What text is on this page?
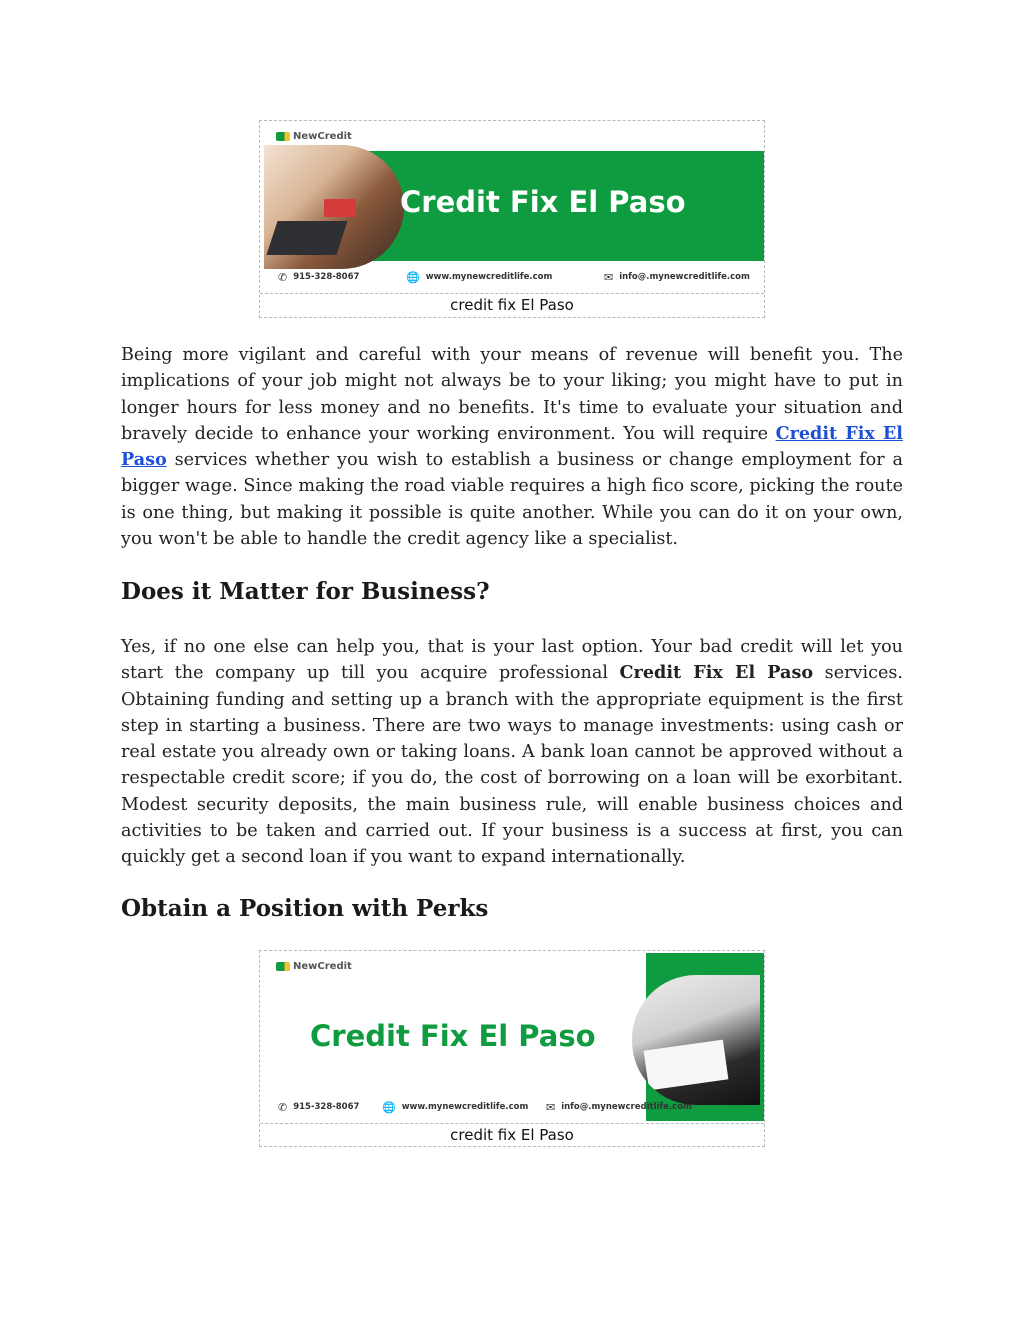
NewCredit
Credit Fix El Paso
✆ 915-328-8067	🌐 www.mynewcreditlife.com	✉ info@.mynewcreditlife.com
credit fix El Paso

Being more vigilant and careful with your means of revenue will benefit you. The implications of your job might not always be to your liking; you might have to put in longer hours for less money and no benefits. It's time to evaluate your situation and bravely decide to enhance your working environment. You will require Credit Fix El Paso services whether you wish to establish a business or change employment for a bigger wage. Since making the road viable requires a high fico score, picking the route is one thing, but making it possible is quite another. While you can do it on your own, you won't be able to handle the credit agency like a specialist.

Does it Matter for Business?

Yes, if no one else can help you, that is your last option. Your bad credit will let you start the company up till you acquire professional Credit Fix El Paso services. Obtaining funding and setting up a branch with the appropriate equipment is the first step in starting a business. There are two ways to manage investments: using cash or real estate you already own or taking loans. A bank loan cannot be approved without a respectable credit score; if you do, the cost of borrowing on a loan will be exorbitant. Modest security deposits, the main business rule, will enable business choices and activities to be taken and carried out. If your business is a success at first, you can quickly get a second loan if you want to expand internationally.

Obtain a Position with Perks
NewCredit
Credit Fix El Paso
✆ 915-328-8067 🌐 www.mynewcreditlife.com ✉ info@.mynewcreditlife.com
credit fix El Paso
